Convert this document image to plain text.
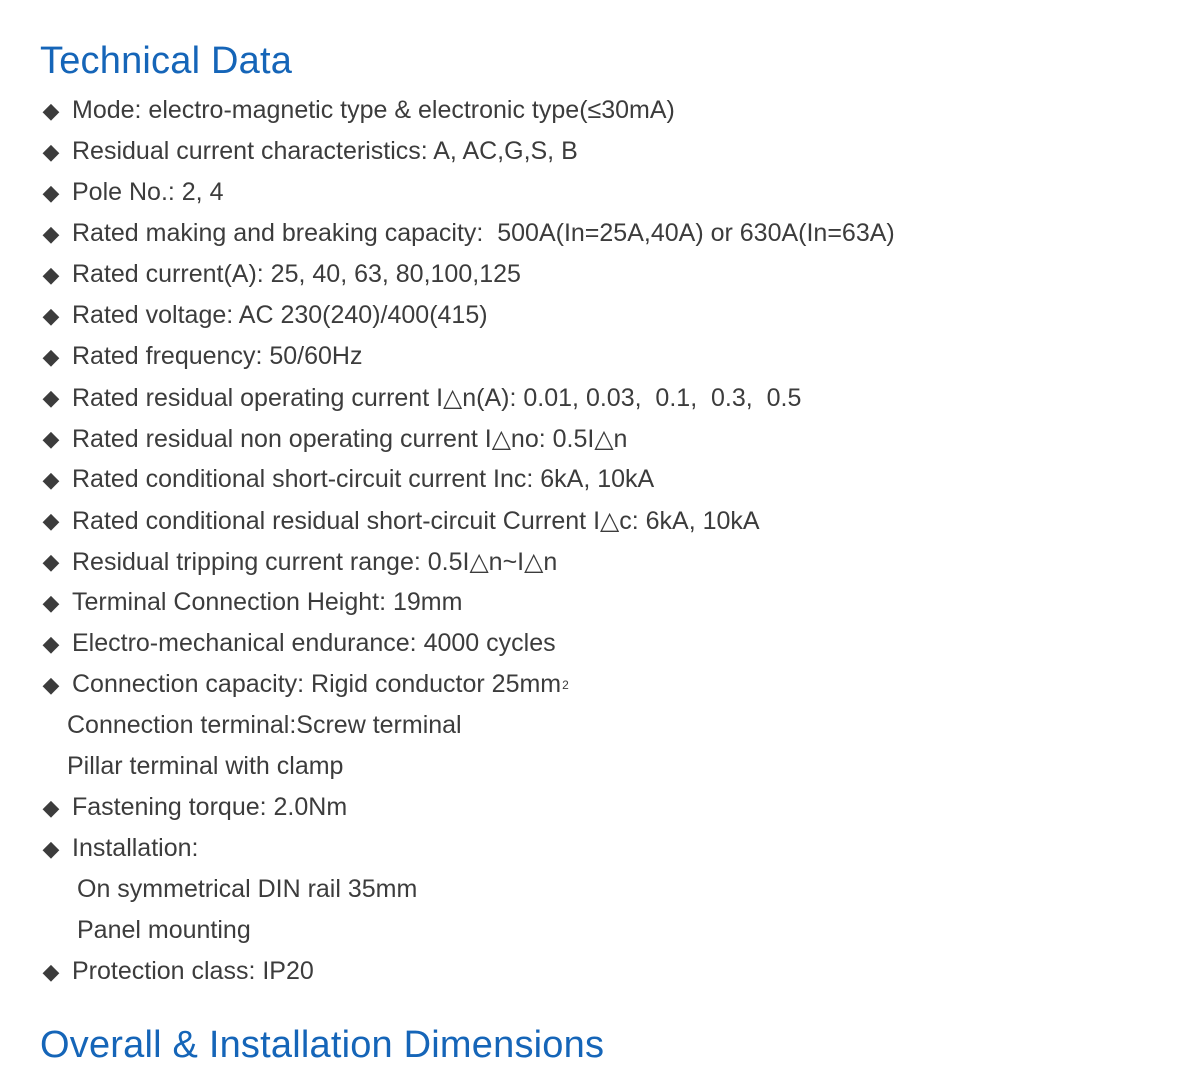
Technical Data
◆ Mode: electro-magnetic type & electronic type(≤30mA)
◆ Residual current characteristics: A, AC,G,S, B
◆ Pole No.: 2, 4
◆ Rated making and breaking capacity:  500A(In=25A,40A) or 630A(In=63A)
◆ Rated current(A): 25, 40, 63, 80,100,125
◆ Rated voltage: AC 230(240)/400(415)
◆ Rated frequency: 50/60Hz
◆ Rated residual operating current I△n(A): 0.01, 0.03,  0.1,  0.3,  0.5
◆ Rated residual non operating current I△no: 0.5I△n
◆ Rated conditional short-circuit current Inc: 6kA, 10kA
◆ Rated conditional residual short-circuit Current I△c: 6kA, 10kA
◆ Residual tripping current range: 0.5I△n~I△n
◆ Terminal Connection Height: 19mm
◆ Electro-mechanical endurance: 4000 cycles
◆ Connection capacity: Rigid conductor 25mm 2
Connection terminal:Screw terminal
Pillar terminal with clamp
◆ Fastening torque: 2.0Nm
◆ Installation:
On symmetrical DIN rail 35mm
Panel mounting
◆ Protection class: IP20
Overall & Installation Dimensions
